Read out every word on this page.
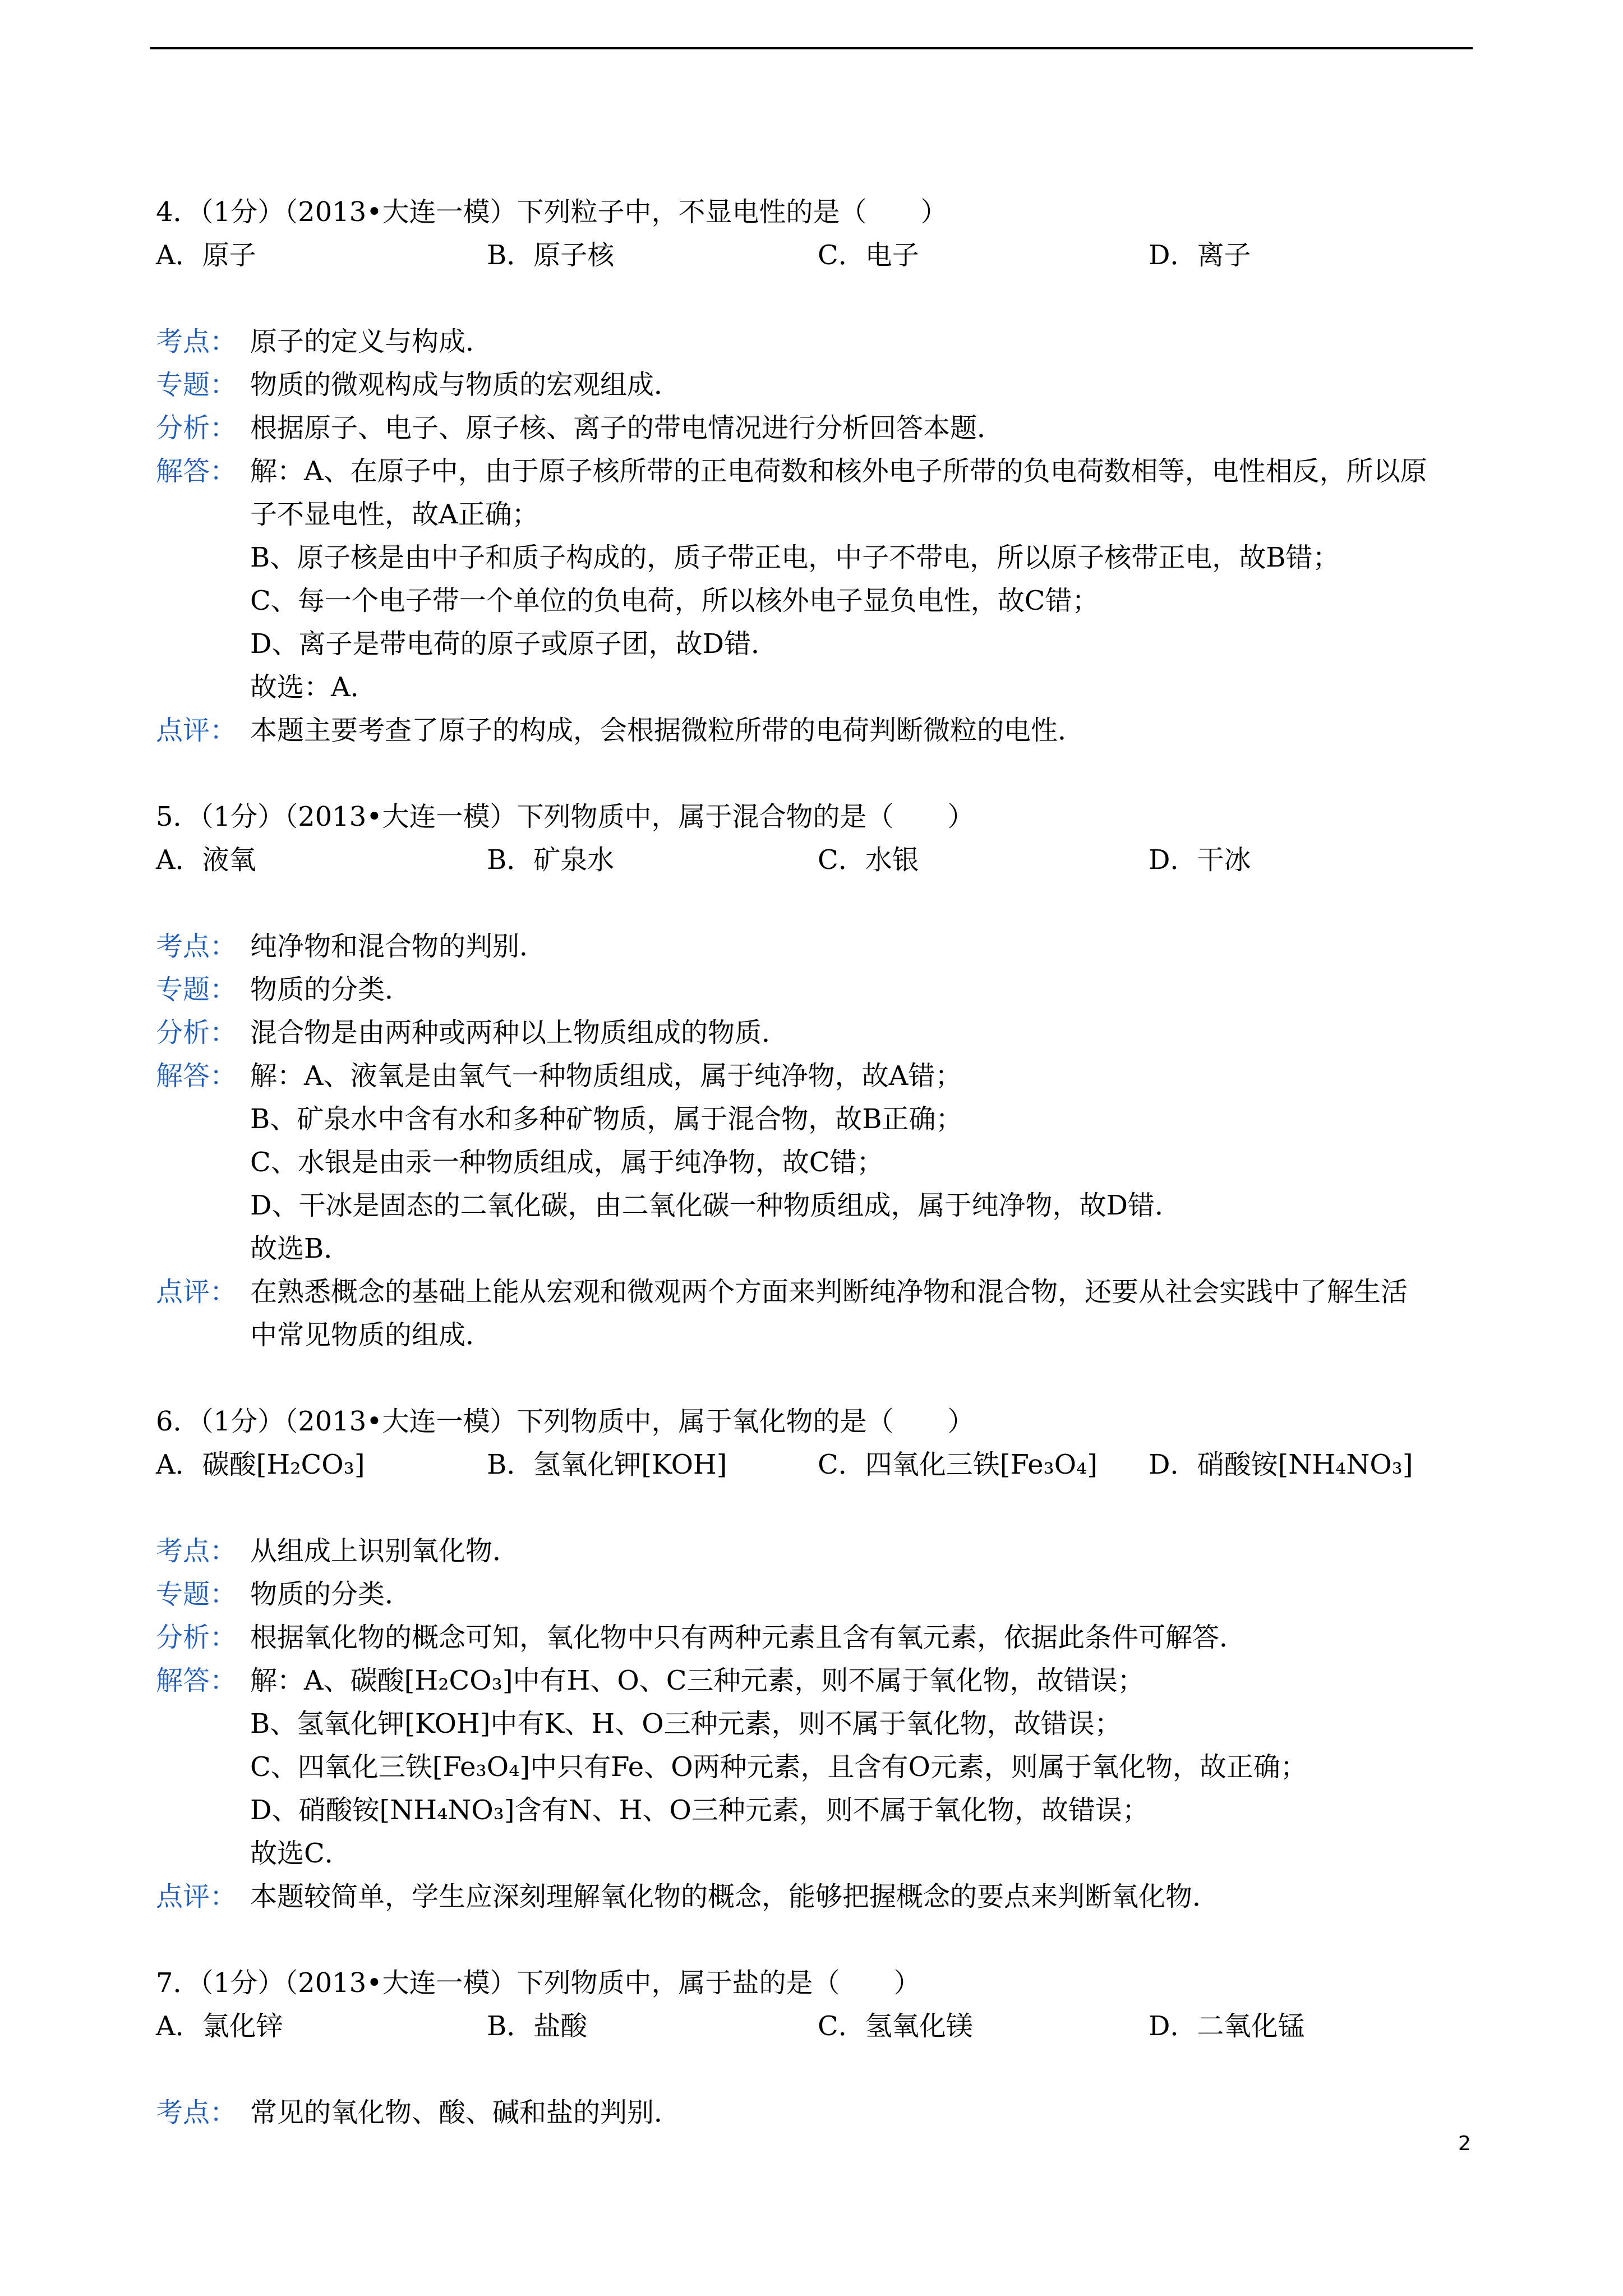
4．（1分）（2013•大连一模）下列粒子中，不显电性的是（　　）
A．原子	B．原子核	C．电子	D．离子
考点： 原子的定义与构成．
专题： 物质的微观构成与物质的宏观组成．
分析： 根据原子、电子、原子核、离子的带电情况进行分析回答本题．
解答： 解：A、在原子中，由于原子核所带的正电荷数和核外电子所带的负电荷数相等，电性相反，所以原
子不显电性，故A正确；
B、原子核是由中子和质子构成的，质子带正电，中子不带电，所以原子核带正电，故B错；
C、每一个电子带一个单位的负电荷，所以核外电子显负电性，故C错；
D、离子是带电荷的原子或原子团，故D错．
故选：A．
点评： 本题主要考查了原子的构成，会根据微粒所带的电荷判断微粒的电性．
5．（1分）（2013•大连一模）下列物质中，属于混合物的是（　　）
A．液氧	B．矿泉水	C．水银	D．干冰
考点： 纯净物和混合物的判别．
专题： 物质的分类．
分析： 混合物是由两种或两种以上物质组成的物质．
解答： 解：A、液氧是由氧气一种物质组成，属于纯净物，故A错；
B、矿泉水中含有水和多种矿物质，属于混合物，故B正确；
C、水银是由汞一种物质组成，属于纯净物，故C错；
D、干冰是固态的二氧化碳，由二氧化碳一种物质组成，属于纯净物，故D错．
故选B．
点评： 在熟悉概念的基础上能从宏观和微观两个方面来判断纯净物和混合物，还要从社会实践中了解生活
中常见物质的组成．
6．（1分）（2013•大连一模）下列物质中，属于氧化物的是（　　）
A．碳酸[H₂CO₃]	B．氢氧化钾[KOH]	C．四氧化三铁[Fe₃O₄]	D．硝酸铵[NH₄NO₃]
考点： 从组成上识别氧化物．
专题： 物质的分类．
分析： 根据氧化物的概念可知，氧化物中只有两种元素且含有氧元素，依据此条件可解答．
解答： 解：A、碳酸[H₂CO₃]中有H、O、C三种元素，则不属于氧化物，故错误；
B、氢氧化钾[KOH]中有K、H、O三种元素，则不属于氧化物，故错误；
C、四氧化三铁[Fe₃O₄]中只有Fe、O两种元素，且含有O元素，则属于氧化物，故正确；
D、硝酸铵[NH₄NO₃]含有N、H、O三种元素，则不属于氧化物，故错误；
故选C．
点评： 本题较简单，学生应深刻理解氧化物的概念，能够把握概念的要点来判断氧化物．
7．（1分）（2013•大连一模）下列物质中，属于盐的是（　　）
A．氯化锌	B．盐酸	C．氢氧化镁	D．二氧化锰
考点： 常见的氧化物、酸、碱和盐的判别．
2
